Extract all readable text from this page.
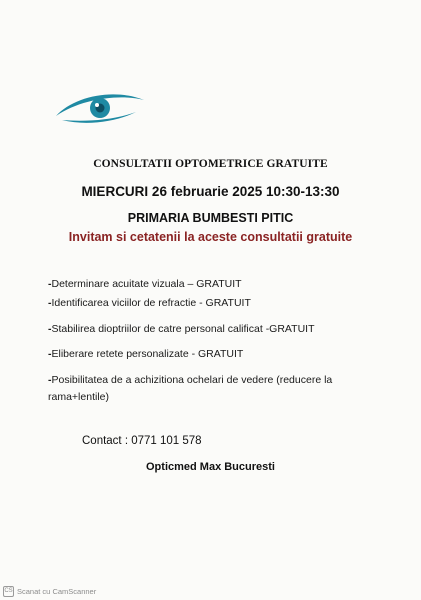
CONSULTATII OPTOMETRICE GRATUITE
MIERCURI 26 februarie 2025 10:30-13:30
PRIMARIA BUMBESTI PITIC
Invitam si cetatenii la aceste consultatii gratuite
-Determinare acuitate vizuala – GRATUIT
-Identificarea viciilor de refractie - GRATUIT
-Stabilirea dioptriilor de catre personal calificat -GRATUIT
-Eliberare retete personalizate - GRATUIT
-Posibilitatea de a achizitiona ochelari de vedere (reducere la rama+lentile)
Contact : 0771 101 578
Opticmed Max Bucuresti
CS Scanat cu CamScanner
